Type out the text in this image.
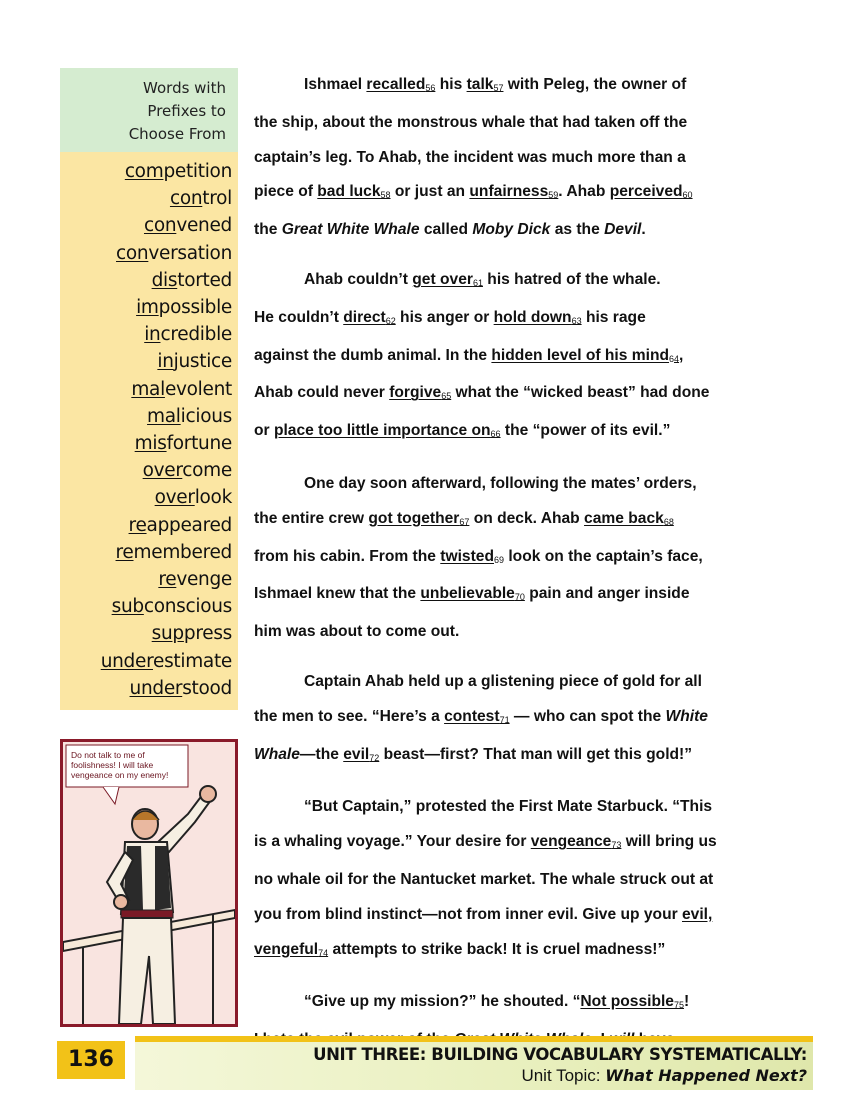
Words with
Prefixes to
Choose From
competition
control
convened
conversation
distorted
impossible
incredible
injustice
malevolent
malicious
misfortune
overcome
overlook
reappeared
remembered
revenge
subconscious
suppress
underestimate
understood
Do not talk to me of
foolishness! I will take
vengeance on my enemy!
Ishmael recalled$_{56}$ his talk$_{57}$ with Peleg, the owner of
the ship, about the monstrous whale that had taken off the
captain’s leg. To Ahab, the incident was much more than a
piece of bad luck$_{58}$ or just an unfairness$_{59}$. Ahab perceived$_{60}$
the Great White Whale called Moby Dick as the Devil.
Ahab couldn’t get over$_{61}$ his hatred of the whale.
He couldn’t direct$_{62}$ his anger or hold down$_{63}$ his rage
against the dumb animal. In the hidden level of his mind$_{64}$,
Ahab could never forgive$_{65}$ what the “wicked beast” had done
or place too little importance $on_{66}$ the “power of its evil.”
One day soon afterward, following the mates’ orders,
the entire crew got together$_{67}$ on deck. Ahab came back$_{68}$
from his cabin. From the twisted$_{69}$ look on the captain’s face,
Ishmael knew that the unbelievable$_{70}$ pain and anger inside
him was about to come out.
Captain Ahab held up a glistening piece of gold for all
the men to see. “Here’s a contest$_{71}$ — who can spot the White
Whale—the evil$_{72}$ beast—first? That man will get this gold!”
“But Captain,” protested the First Mate Starbuck. “This
is a whaling voyage.” Your desire for vengeance$_{73}$ will bring us
no whale oil for the Nantucket market. The whale struck out at
you from blind instinct—not from inner evil. Give up your evil,
vengeful$_{74}$ attempts to strike back! It is cruel madness!”
“Give up my mission?” he shouted. “Not possible$_{75}$!
136	UNIT THREE: BUILDING VOCABULARY SYSTEMATICALLY:
Unit Topic: What Happened Next?
